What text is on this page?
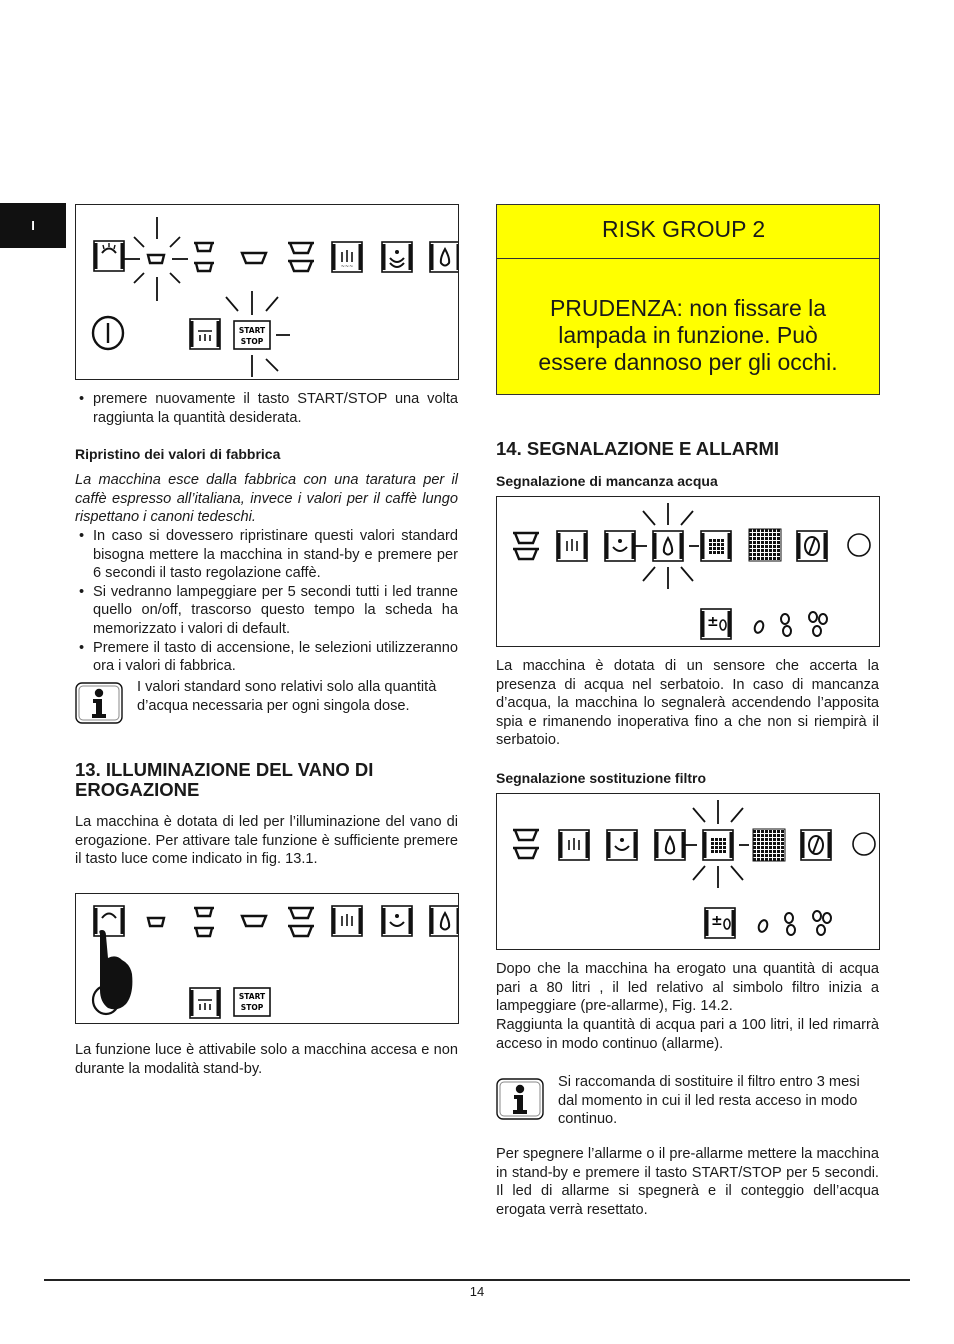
I
~~~
START
STOP
• premere nuovamente il tasto START/STOP una volta raggiunta la quantità desiderata.
Ripristino dei valori di fabbrica
La macchina esce dalla fabbrica con una taratura per il caffè espresso all’italiana, invece i valori per il caffè lungo rispettano i canoni tedeschi.
• In caso si dovessero ripristinare questi valori standard bisogna mettere la macchina in stand-by e premere per 6 secondi il tasto regolazione caffè.
• Si vedranno lampeggiare per 5 secondi tutti i led tranne quello on/off, trascorso questo tempo la scheda ha memorizzato i valori di default.
• Premere il tasto di accensione, le selezioni utilizzeranno ora i valori di fabbrica.
I valori standard sono relativi solo alla quantità d’acqua necessaria per ogni singola dose.
13. ILLUMINAZIONE DEL VANO DI EROGAZIONE
La macchina è dotata di led per l’illuminazione del vano di erogazione. Per attivare tale funzione è sufficiente premere il tasto luce come indicato in fig. 13.1.
START
STOP
La funzione luce è attivabile solo a macchina accesa e non durante la modalità stand-by.
RISK GROUP 2
PRUDENZA: non fissare la
lampada in funzione. Può
essere dannoso per gli occhi.
14. SEGNALAZIONE E ALLARMI
Segnalazione di mancanza acqua
±
La macchina è dotata di un sensore che accerta la presenza di acqua nel serbatoio. In caso di mancanza d’acqua, la macchina lo segnalerà accendendo l’apposita spia e rimanendo inoperativa fino a che non si riempirà il serbatoio.
Segnalazione sostituzione filtro
±
Dopo che la macchina ha erogato una quantità di acqua pari a 80 litri , il led relativo al simbolo filtro inizia a lampeggiare (pre-allarme), Fig. 14.2.
Raggiunta la quantità di acqua pari a 100 litri, il led rimarrà acceso in modo continuo (allarme).
Si raccomanda di sostituire il filtro entro 3 mesi dal momento in cui il led resta acceso in modo continuo.
Per spegnere l’allarme o il pre-allarme mettere la macchina in stand-by e premere il tasto START/STOP per 5 secondi. Il led di allarme si spegnerà e il conteggio dell’acqua erogata verrà resettato.
14
